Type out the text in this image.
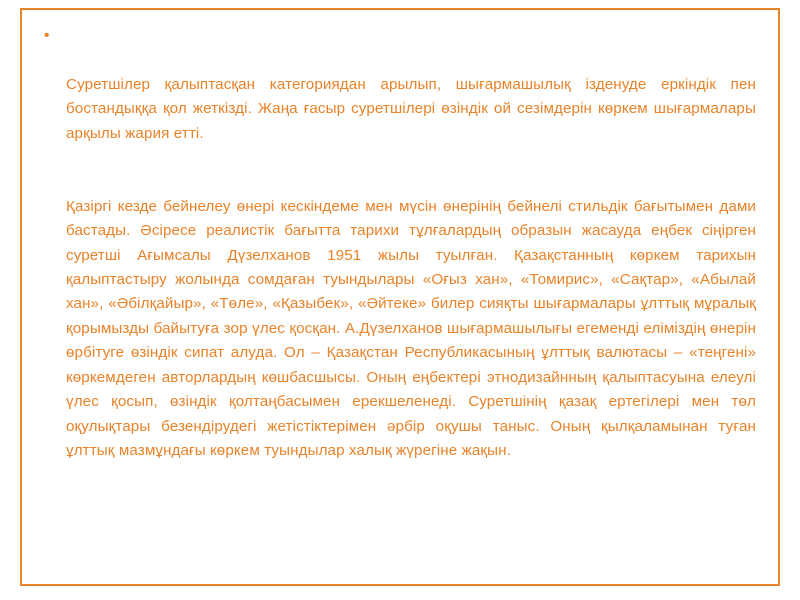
•

Суретшілер қалыптасқан категориядан арылып, шығармашылық ізденуде еркіндік пен бостандыққа қол жеткізді. Жаңа ғасыр суретшілері өзіндік ой сезімдерін көркем шығармалары арқылы жария етті.

Қазіргі кезде бейнелеу өнері кескіндеме мен мүсін өнерінің бейнелі стильдік бағытымен дами бастады. Әсіресе реалистік бағытта тарихи тұлғалардың образын жасауда еңбек сіңірген суретші Ағымсалы Дүзелханов 1951 жылы туылған. Қазақстанның көркем тарихын қалыптастыру жолында сомдаған туындылары «Оғыз хан», «Томирис», «Сақтар», «Абылай хан», «Әбілқайыр», «Төле», «Қазыбек», «Әйтеке» билер сияқты шығармалары ұлттық мұралық қорымызды байытуға зор үлес қосқан. А.Дүзелханов шығармашылығы егеменді еліміздің өнерін өрбітуге өзіндік сипат алуда. Ол – Қазақстан Республикасының ұлттық валютасы – «теңгені» көркемдеген авторлардың көшбасшысы. Оның еңбектері этнодизайнның қалыптасуына елеулі үлес қосып, өзіндік қолтаңбасымен ерекшеленеді. Суретшінің қазақ ертегілері мен төл оқулықтары безендірудегі жетістіктерімен әрбір оқушы таныс. Оның қылқаламынан туған ұлттық мазмұндағы көркем туындылар халық жүрегіне жақын.
